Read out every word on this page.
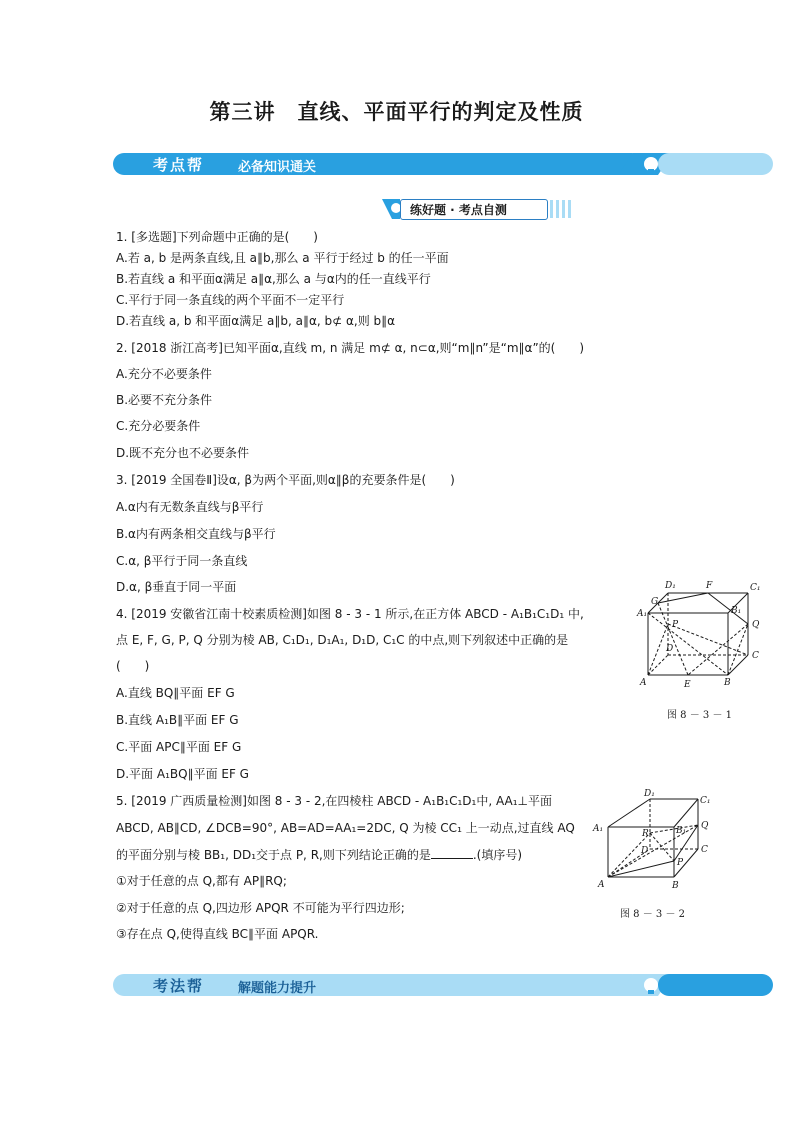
第三讲　直线、平面平行的判定及性质
考点帮	必备知识通关
练好题 · 考点自测
1. [多选题]下列命题中正确的是(　　)
A.若 a, b 是两条直线,且 a∥b,那么 a 平行于经过 b 的任一平面
B.若直线 a 和平面α满足 a∥α,那么 a 与α内的任一直线平行
C.平行于同一条直线的两个平面不一定平行
D.若直线 a, b 和平面α满足 a∥b, a∥α, b⊄ α,则 b∥α
2. [2018 浙江高考]已知平面α,直线 m, n 满足 m⊄ α, n⊂α,则“m∥n”是“m∥α”的(　　)
A.充分不必要条件
B.必要不充分条件
C.充分必要条件
D.既不充分也不必要条件
3. [2019 全国卷Ⅱ]设α, β为两个平面,则α∥β的充要条件是(　　)
A.α内有无数条直线与β平行
B.α内有两条相交直线与β平行
C.α, β平行于同一条直线
D.α, β垂直于同一平面
4. [2019 安徽省江南十校素质检测]如图 8 - 3 - 1 所示,在正方体 ABCD - A₁B₁C₁D₁ 中,
点 E, F, G, P, Q 分别为棱 AB, C₁D₁, D₁A₁, D₁D, C₁C 的中点,则下列叙述中正确的是
(　　)
A.直线 BQ∥平面 EF G
B.直线 A₁B∥平面 EF G
C.平面 APC∥平面 EF G
D.平面 A₁BQ∥平面 EF G
D₁	F	C₁
G
A₁	B₁
Q
P
D
C
A	E	B
图 8 － 3 － 1
5. [2019 广西质量检测]如图 8 - 3 - 2,在四棱柱 ABCD - A₁B₁C₁D₁中, AA₁⊥平面
ABCD, AB∥CD, ∠DCB=90°, AB=AD=AA₁=2DC, Q 为棱 CC₁ 上一动点,过直线 AQ
的平面分别与棱 BB₁, DD₁交于点 P, R,则下列结论正确的是	.(填序号)
①对于任意的点 Q,都有 AP∥RQ;
②对于任意的点 Q,四边形 APQR 不可能为平行四边形;
③存在点 Q,使得直线 BC∥平面 APQR.
D₁
C₁
A₁	B₁
R
Q
D	C
P
A	B
图 8 － 3 － 2
考法帮	解题能力提升
